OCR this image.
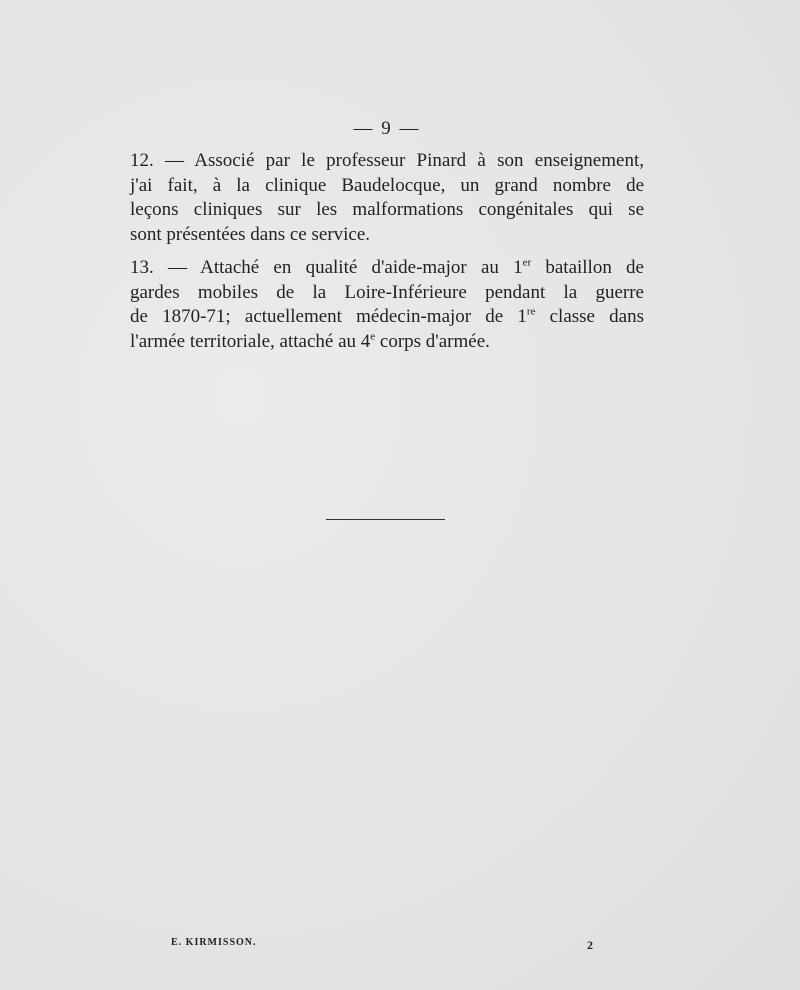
— 9 —
12. — Associé par le professeur Pinard à son enseignement,
j'ai fait, à la clinique Baudelocque, un grand nombre de
leçons cliniques sur les malformations congénitales qui se
sont présentées dans ce service.
13. — Attaché en qualité d'aide-major au 1er bataillon de
gardes mobiles de la Loire-Inférieure pendant la guerre
de 1870-71; actuellement médecin-major de 1re classe dans
l'armée territoriale, attaché au 4e corps d'armée.
E. KIRMISSON.	2
